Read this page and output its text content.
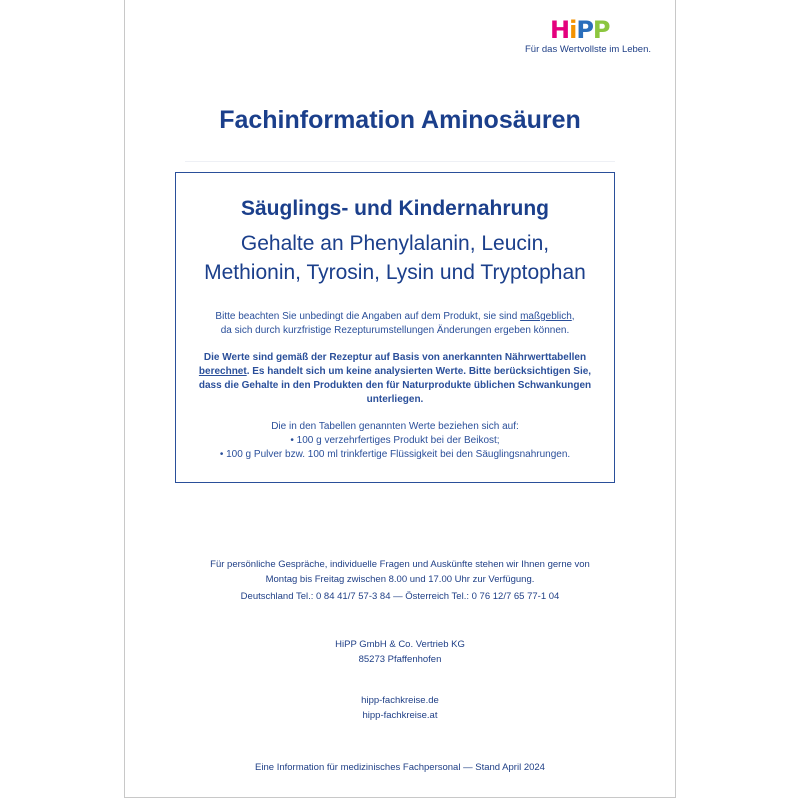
HiPP
Für das Wertvollste im Leben.
Fachinformation Aminosäuren
Säuglings- und Kindernahrung
Gehalte an Phenylalanin, Leucin,
Methionin, Tyrosin, Lysin und Tryptophan
Bitte beachten Sie unbedingt die Angaben auf dem Produkt, sie sind maßgeblich,
da sich durch kurzfristige Rezepturumstellungen Änderungen ergeben können.
Die Werte sind gemäß der Rezeptur auf Basis von anerkannten Nährwerttabellen
berechnet. Es handelt sich um keine analysierten Werte. Bitte berücksichtigen Sie,
dass die Gehalte in den Produkten den für Naturprodukte üblichen Schwankungen
unterliegen.
Die in den Tabellen genannten Werte beziehen sich auf:
• 100 g verzehrfertiges Produkt bei der Beikost;
• 100 g Pulver bzw. 100 ml trinkfertige Flüssigkeit bei den Säuglingsnahrungen.
Für persönliche Gespräche, individuelle Fragen und Auskünfte stehen wir Ihnen gerne von
Montag bis Freitag zwischen 8.00 und 17.00 Uhr zur Verfügung.
Deutschland Tel.: 0 84 41/7 57-3 84 — Österreich Tel.: 0 76 12/7 65 77-1 04
HiPP GmbH & Co. Vertrieb KG
85273 Pfaffenhofen
hipp-fachkreise.de
hipp-fachkreise.at
Eine Information für medizinisches Fachpersonal — Stand April 2024
